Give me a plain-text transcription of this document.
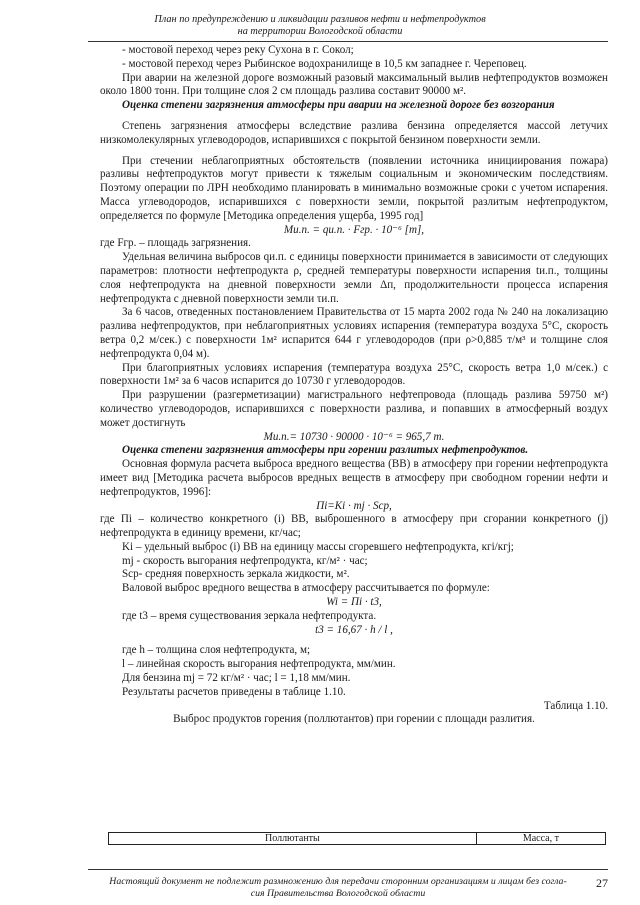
План по предупреждению и ликвидации разливов нефти и нефтепродуктов
на территории Вологодской области

- мостовой переход через реку Сухона в г. Сокол;

- мостовой переход через Рыбинское водохранилище в 10,5 км западнее г. Череповец.

При аварии на железной дороге возможный разовый максимальный вылив нефтепродуктов возможен около 1800 тонн. При толщине слоя 2 см площадь разлива составит 90000 м².

Оценка степени загрязнения атмосферы при аварии на железной дороге без возгорания

Степень загрязнения атмосферы вследствие разлива бензина определяется массой летучих низкомолекулярных углеводородов, испарившихся с покрытой бензином поверхности земли.

При стечении неблагоприятных обстоятельств (появлении источника инициирования пожара) разливы нефтепродуктов могут привести к тяжелым социальным и экономическим последствиям. Поэтому операции по ЛРН необходимо планировать в минимально возможные сроки с учетом испарения. Масса углеводородов, испарившихся с поверхности земли, покрытой разлитым нефтепродуктом, определяется по формуле [Методика определения ущерба, 1995 год]

Mи.п. = qи.п. · Fгр. · 10⁻⁶ [т],

где Fгр. – площадь загрязнения.

Удельная величина выбросов qи.п. с единицы поверхности принимается в зависимости от следующих параметров: плотности нефтепродукта ρ, средней температуры поверхности испарения tи.п., толщины слоя нефтепродукта на дневной поверхности земли Δп, продолжительности процесса испарения нефтепродукта с дневной поверхности земли τи.п.

За 6 часов, отведенных постановлением Правительства от 15 марта 2002 года № 240 на локализацию разлива нефтепродуктов, при неблагоприятных условиях испарения (температура воздуха 5°С, скорость ветра 0,2 м/сек.) с поверхности 1м² испарится 644 г углеводородов (при ρ>0,885 т/м³ и толщине слоя нефтепродукта 0,04 м).

При благоприятных условиях испарения (температура воздуха 25°С, скорость ветра 1,0 м/сек.) с поверхности 1м² за 6 часов испарится до 10730 г углеводородов.

При разрушении (разгерметизации) магистрального нефтепровода (площадь разлива 59750 м²) количество углеводородов, испарившихся с поверхности разлива, и попавших в атмосферный воздух может достигнуть

Mи.п.= 10730 · 90000 · 10⁻⁶ = 965,7 т.

Оценка степени загрязнения атмосферы при горении разлитых нефтепродуктов.

Основная формула расчета выброса вредного вещества (ВВ) в атмосферу при горении нефтепродукта имеет вид [Методика расчета выбросов вредных веществ в атмосферу при свободном горении нефти и нефтепродуктов, 1996]:

Пi=Ki · mj · Sср,

где Пi – количество конкретного (i) ВВ, выброшенного в атмосферу при сгорании конкретного (j) нефтепродукта в единицу времени, кг/час;

Ki – удельный выброс (i) ВВ на единицу массы сгоревшего нефтепродукта, кгi/кгj;

mj - скорость выгорания нефтепродукта, кг/м² · час;

Sср- средняя поверхность зеркала жидкости, м².

Валовой выброс вредного вещества в атмосферу рассчитывается по формуле:

Wi = Пi · t3,

где t3 – время существования зеркала нефтепродукта.

t3 = 16,67 · h / l ,

где h – толщина слоя нефтепродукта, м;

l – линейная скорость выгорания нефтепродукта, мм/мин.

Для бензина mj = 72 кг/м² · час; l = 1,18 мм/мин.

Результаты расчетов приведены в таблице 1.10.

Таблица 1.10.

Выброс продуктов горения (поллютантов) при горении с площади разлития.

Поллютанты	Масса, т
Настоящий документ не подлежит размножению для передачи сторонним организациям и лицам без согла-
сия Правительства Вологодской области
27
